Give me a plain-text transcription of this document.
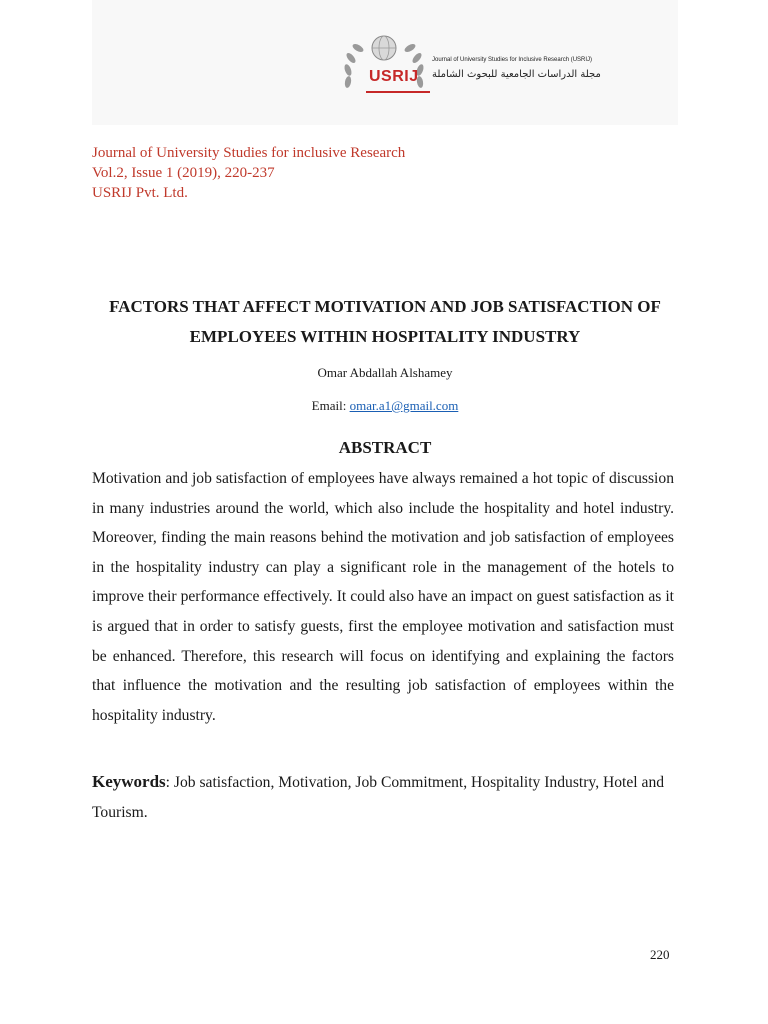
USRIJ
Journal of University Studies for Inclusive Research (USRIJ)
مجلة الدراسات الجامعية للبحوث الشاملة
Journal of University Studies for inclusive Research
Vol.2, Issue 1 (2019), 220-237
USRIJ Pvt. Ltd.
FACTORS THAT AFFECT MOTIVATION AND JOB SATISFACTION OF EMPLOYEES WITHIN HOSPITALITY INDUSTRY
Omar Abdallah Alshamey
Email: omar.a1@gmail.com
ABSTRACT
Motivation and job satisfaction of employees have always remained a hot topic of discussion in many industries around the world, which also include the hospitality and hotel industry. Moreover, finding the main reasons behind the motivation and job satisfaction of employees in the hospitality industry can play a significant role in the management of the hotels to improve their performance effectively. It could also have an impact on guest satisfaction as it is argued that in order to satisfy guests, first the employee motivation and satisfaction must be enhanced. Therefore, this research will focus on identifying and explaining the factors that influence the motivation and the resulting job satisfaction of employees within the hospitality industry.
Keywords: Job satisfaction, Motivation, Job Commitment, Hospitality Industry, Hotel and Tourism.
220
